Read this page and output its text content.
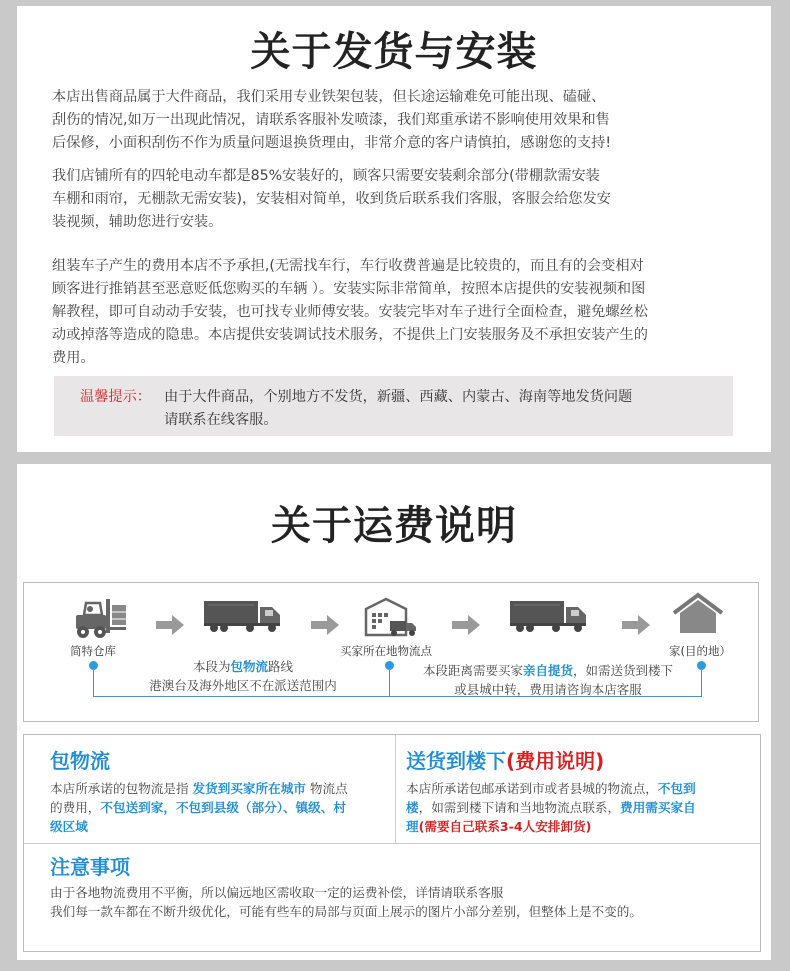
关于发货与安装
本店出售商品属于大件商品，我们采用专业铁架包装，但长途运输难免可能出现、磕碰、
刮伤的情况,如万一出现此情况，请联系客服补发喷漆，我们郑重承诺不影响使用效果和售
后保修，小面积刮伤不作为质量问题退换货理由，非常介意的客户请慎拍，感谢您的支持!
我们店铺所有的四轮电动车都是85%安装好的，顾客只需要安装剩余部分(带棚款需安装
车棚和雨帘，无棚款无需安装)，安装相对简单，收到货后联系我们客服，客服会给您发安
装视频，辅助您进行安装。
组装车子产生的费用本店不予承担,(无需找车行，车行收费普遍是比较贵的，而且有的会变相对
顾客进行推销甚至恶意贬低您购买的车辆 ）。安装实际非常简单，按照本店提供的安装视频和图
解教程，即可自动动手安装，也可找专业师傅安装。安装完毕对车子进行全面检查，避免螺丝松
动或掉落等造成的隐患。本店提供安装调试技术服务，不提供上门安装服务及不承担安装产生的
费用。
温馨提示： 由于大件商品，个别地方不发货，新疆、西藏、内蒙古、海南等地发货问题
请联系在线客服。
关于运费说明
简特仓库	买家所在地物流点	家(目的地）
本段为包物流路线
港澳台及海外地区不在派送范围内
本段距离需要买家亲自提货，如需送货到楼下
或县城中转，费用请咨询本店客服
包物流
本店所承诺的包物流是指 发货到买家所在城市 物流点
的费用，不包送到家，不包到县级（部分）、镇级、村
级区域
送货到楼下(费用说明)
本店所承诺包邮承诺到市或者县城的物流点，不包到
楼，如需到楼下请和当地物流点联系，费用需买家自
理(需要自己联系3-4人安排卸货)
注意事项
由于各地物流费用不平衡，所以偏远地区需收取一定的运费补偿，详情请联系客服
我们每一款车都在不断升级优化，可能有些车的局部与页面上展示的图片小部分差别，但整体上是不变的。
